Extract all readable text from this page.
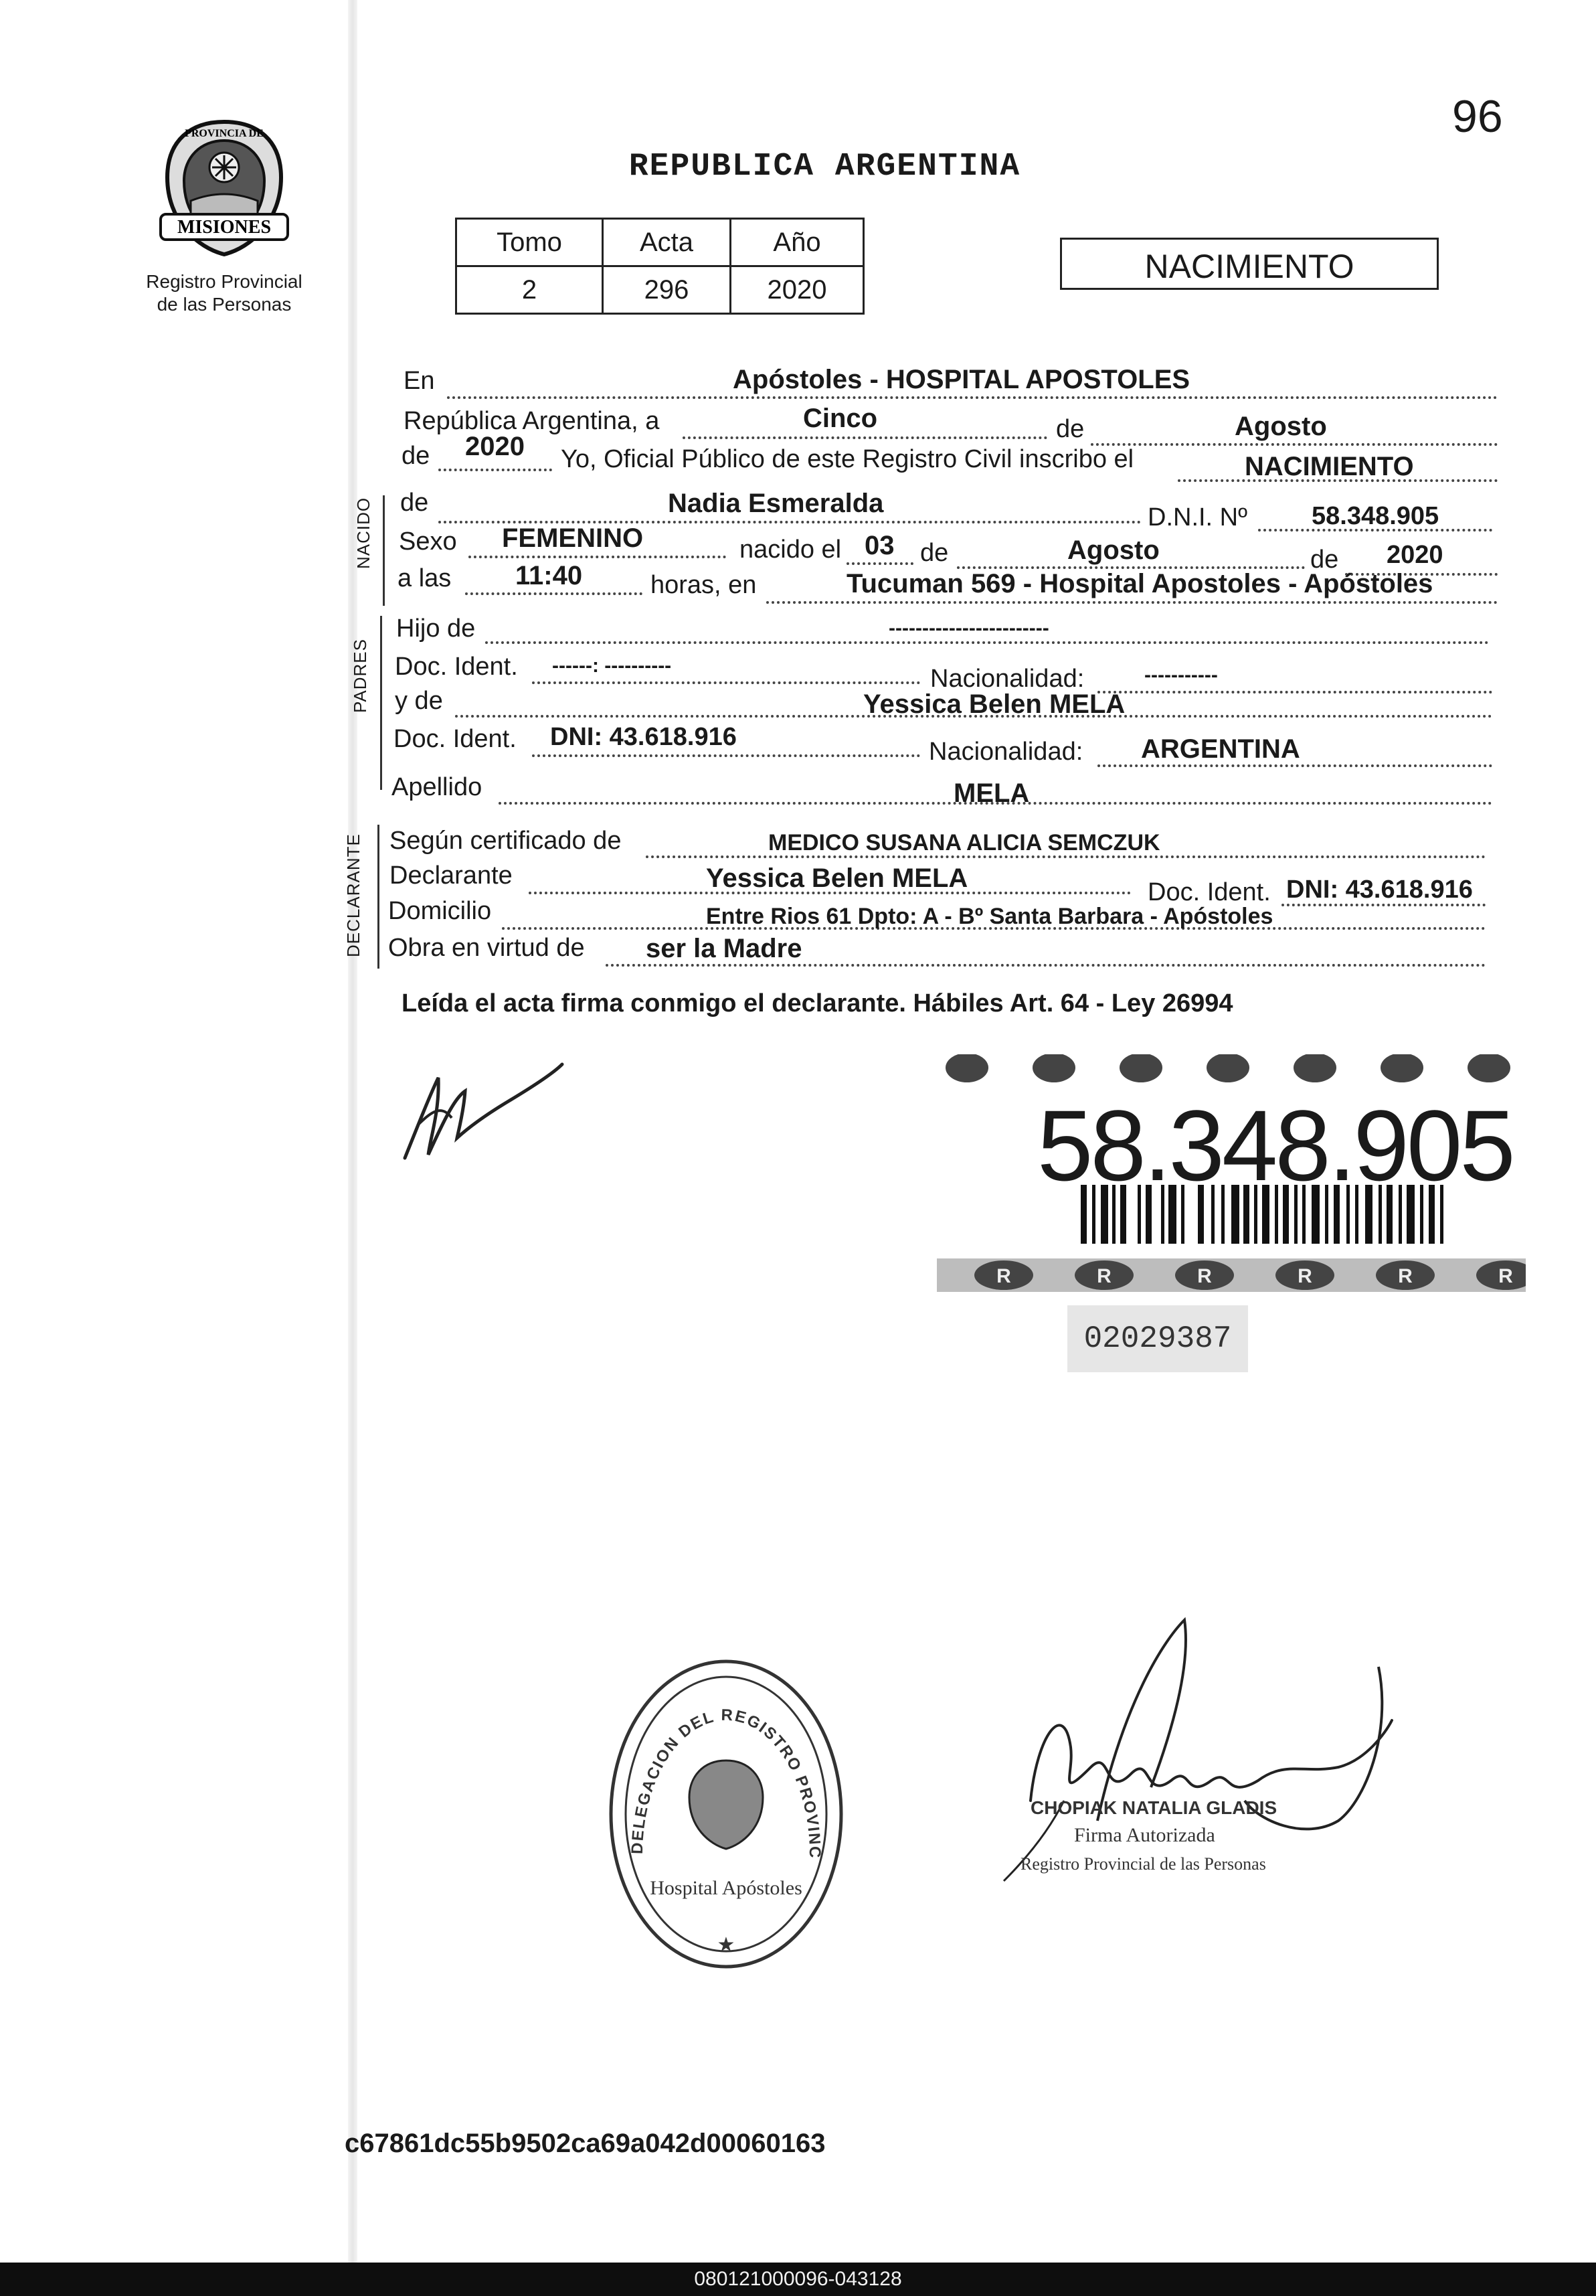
96
MISIONES
PROVINCIA DE
Registro Provincial
de las Personas
REPUBLICA ARGENTINA
Tomo	Acta	Año
2	296	2020
NACIMIENTO
NACIDO
PADRES
DECLARANTE
En	Apóstoles - HOSPITAL APOSTOLES
República Argentina, a	Cinco	de	Agosto
de 2020 Yo, Oficial Público de este Registro Civil inscribo el	NACIMIENTO
de	Nadia Esmeralda	D.N.I. Nº	58.348.905
Sexo FEMENINO	nacido el 03 de	Agosto	de 2020
a las 11:40	horas, en	Tucuman 569 - Hospital Apostoles - Apóstoles
Hijo de	------------------------
Doc. Ident. ------: ----------	Nacionalidad:	-----------
y de	Yessica Belen MELA
Doc. Ident. DNI: 43.618.916
Nacionalidad: ARGENTINA
Apellido	MELA
Según certificado de	MEDICO SUSANA ALICIA SEMCZUK
Declarante	Yessica Belen MELA	Doc. Ident. DNI: 43.618.916
Domicilio	Entre Rios 61 Dpto: A - Bº Santa Barbara - Apóstoles
Obra en virtud de ser la Madre
Leída el acta firma conmigo el declarante. Hábiles Art. 64 - Ley 26994
R	R	R	R	R	R
58.348.905
02029387
DELEGACION DEL REGISTRO PROVINC
Hospital Apóstoles
★
CHOPIAK NATALIA GLADIS
Firma Autorizada
Registro Provincial de las Personas
c67861dc55b9502ca69a042d00060163
080121000096-043128
